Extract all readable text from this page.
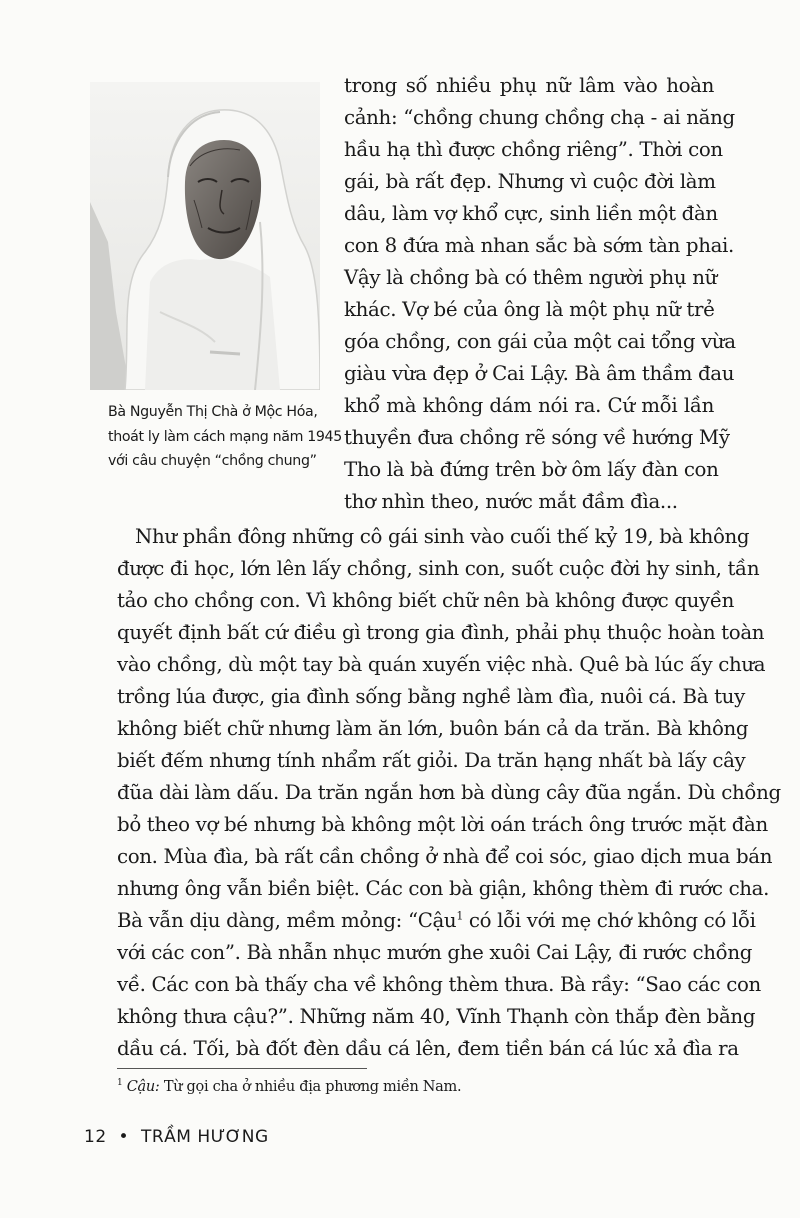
Bà Nguyễn Thị Chà ở Mộc Hóa,
thoát ly làm cách mạng năm 1945
với câu chuyện “chồng chung”
trong số nhiều phụ nữ lâm vào hoàn
cảnh: “chồng chung chồng chạ - ai năng
hầu hạ thì được chồng riêng”. Thời con
gái, bà rất đẹp. Nhưng vì cuộc đời làm
dâu, làm vợ khổ cực, sinh liền một đàn
con 8 đứa mà nhan sắc bà sớm tàn phai.
Vậy là chồng bà có thêm người phụ nữ
khác. Vợ bé của ông là một phụ nữ trẻ
góa chồng, con gái của một cai tổng vừa
giàu vừa đẹp ở Cai Lậy. Bà âm thầm đau
khổ mà không dám nói ra. Cứ mỗi lần
thuyền đưa chồng rẽ sóng về hướng Mỹ
Tho là bà đứng trên bờ ôm lấy đàn con
thơ nhìn theo, nước mắt đầm đìa...
Như phần đông những cô gái sinh vào cuối thế kỷ 19, bà không
được đi học, lớn lên lấy chồng, sinh con, suốt cuộc đời hy sinh, tần
tảo cho chồng con. Vì không biết chữ nên bà không được quyền
quyết định bất cứ điều gì trong gia đình, phải phụ thuộc hoàn toàn
vào chồng, dù một tay bà quán xuyến việc nhà. Quê bà lúc ấy chưa
trồng lúa được, gia đình sống bằng nghề làm đìa, nuôi cá. Bà tuy
không biết chữ nhưng làm ăn lớn, buôn bán cả da trăn. Bà không
biết đếm nhưng tính nhẩm rất giỏi. Da trăn hạng nhất bà lấy cây
đũa dài làm dấu. Da trăn ngắn hơn bà dùng cây đũa ngắn. Dù chồng
bỏ theo vợ bé nhưng bà không một lời oán trách ông trước mặt đàn
con. Mùa đìa, bà rất cần chồng ở nhà để coi sóc, giao dịch mua bán
nhưng ông vẫn biền biệt. Các con bà giận, không thèm đi rước cha.
Bà vẫn dịu dàng, mềm mỏng: “Cậu$^1$ có lỗi với mẹ chớ không có lỗi
với các con”. Bà nhẫn nhục mướn ghe xuôi Cai Lậy, đi rước chồng
về. Các con bà thấy cha về không thèm thưa. Bà rầy: “Sao các con
không thưa cậu?”. Những năm 40, Vĩnh Thạnh còn thắp đèn bằng
dầu cá. Tối, bà đốt đèn dầu cá lên, đem tiền bán cá lúc xả đìa ra
$^1$ Cậu: Từ gọi cha ở nhiều địa phương miền Nam.
12 • TRẦM HƯƠNG
